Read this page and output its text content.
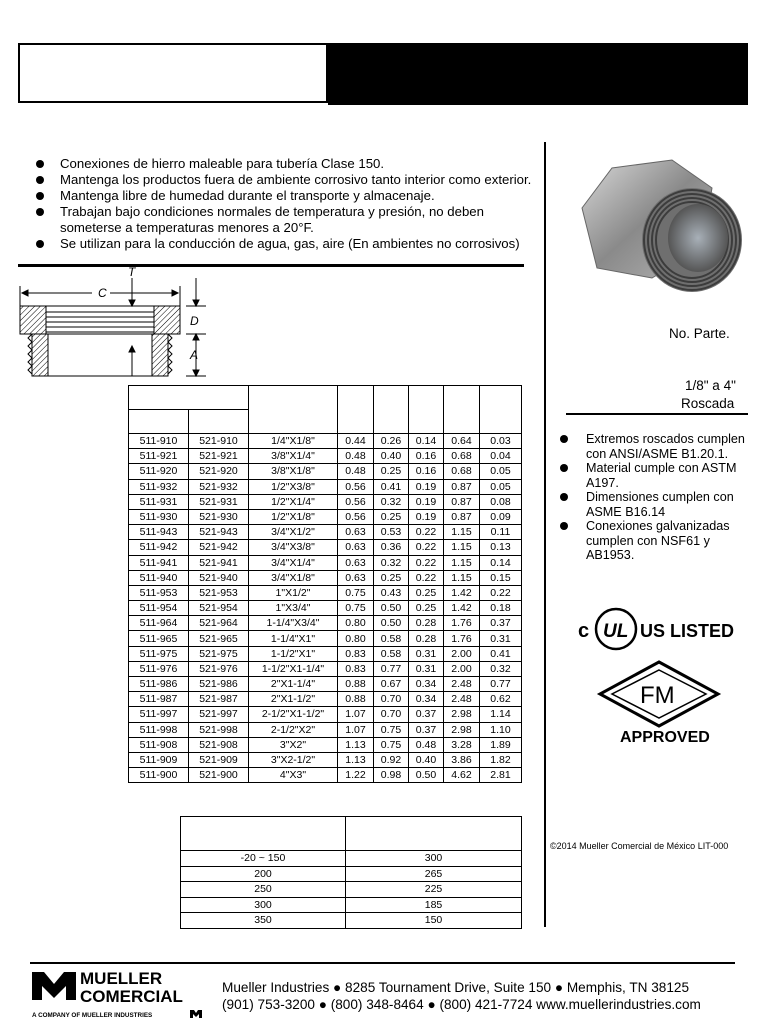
Conexiones de hierro maleable para tubería Clase 150.
Mantenga los productos fuera de ambiente corrosivo tanto interior como exterior.
Mantenga libre de humedad durante el transporte y almacenaje.
Trabajan bajo condiciones normales de temperatura y presión, no deben someterse a temperaturas menores a 20°F.
Se utilizan para la conducción de agua, gas, aire (En ambientes no corrosivos)
C
T
D
A

511-910	521-910	1/4"X1/8"	0.44	0.26	0.14	0.64	0.03
511-921	521-921	3/8"X1/4"	0.48	0.40	0.16	0.68	0.04
511-920	521-920	3/8"X1/8"	0.48	0.25	0.16	0.68	0.05
511-932	521-932	1/2"X3/8"	0.56	0.41	0.19	0.87	0.05
511-931	521-931	1/2"X1/4"	0.56	0.32	0.19	0.87	0.08
511-930	521-930	1/2"X1/8"	0.56	0.25	0.19	0.87	0.09
511-943	521-943	3/4"X1/2"	0.63	0.53	0.22	1.15	0.11
511-942	521-942	3/4"X3/8"	0.63	0.36	0.22	1.15	0.13
511-941	521-941	3/4"X1/4"	0.63	0.32	0.22	1.15	0.14
511-940	521-940	3/4"X1/8"	0.63	0.25	0.22	1.15	0.15
511-953	521-953	1"X1/2"	0.75	0.43	0.25	1.42	0.22
511-954	521-954	1"X3/4"	0.75	0.50	0.25	1.42	0.18
511-964	521-964	1-1/4"X3/4"	0.80	0.50	0.28	1.76	0.37
511-965	521-965	1-1/4"X1"	0.80	0.58	0.28	1.76	0.31
511-975	521-975	1-1/2"X1"	0.83	0.58	0.31	2.00	0.41
511-976	521-976	1-1/2"X1-1/4"	0.83	0.77	0.31	2.00	0.32
511-986	521-986	2"X1-1/4"	0.88	0.67	0.34	2.48	0.77
511-987	521-987	2"X1-1/2"	0.88	0.70	0.34	2.48	0.62
511-997	521-997	2-1/2"X1-1/2"	1.07	0.70	0.37	2.98	1.14
511-998	521-998	2-1/2"X2"	1.07	0.75	0.37	2.98	1.10
511-908	521-908	3"X2"	1.13	0.75	0.48	3.28	1.89
511-909	521-909	3"X2-1/2"	1.13	0.92	0.40	3.86	1.82
511-900	521-900	4"X3"	1.22	0.98	0.50	4.62	2.81

-20 ~ 150	300
200	265
250	225
300	185
350	150
No. Parte.
1/8" a 4"
Roscada
Extremos roscados cumplen con ANSI/ASME B1.20.1.
Material cumple con ASTM A197.
Dimensiones cumplen con ASME B16.14
Conexiones galvanizadas cumplen con NSF61 y AB1953.
c UL US LISTED
FM
APPROVED
©2014 Mueller Comercial de México LIT-000
MUELLER
COMERCIAL
A COMPANY OF MUELLER INDUSTRIES
Mueller Industries ● 8285 Tournament Drive, Suite 150 ● Memphis, TN 38125
(901) 753-3200 ● (800) 348-8464 ● (800) 421-7724 www.muellerindustries.com
